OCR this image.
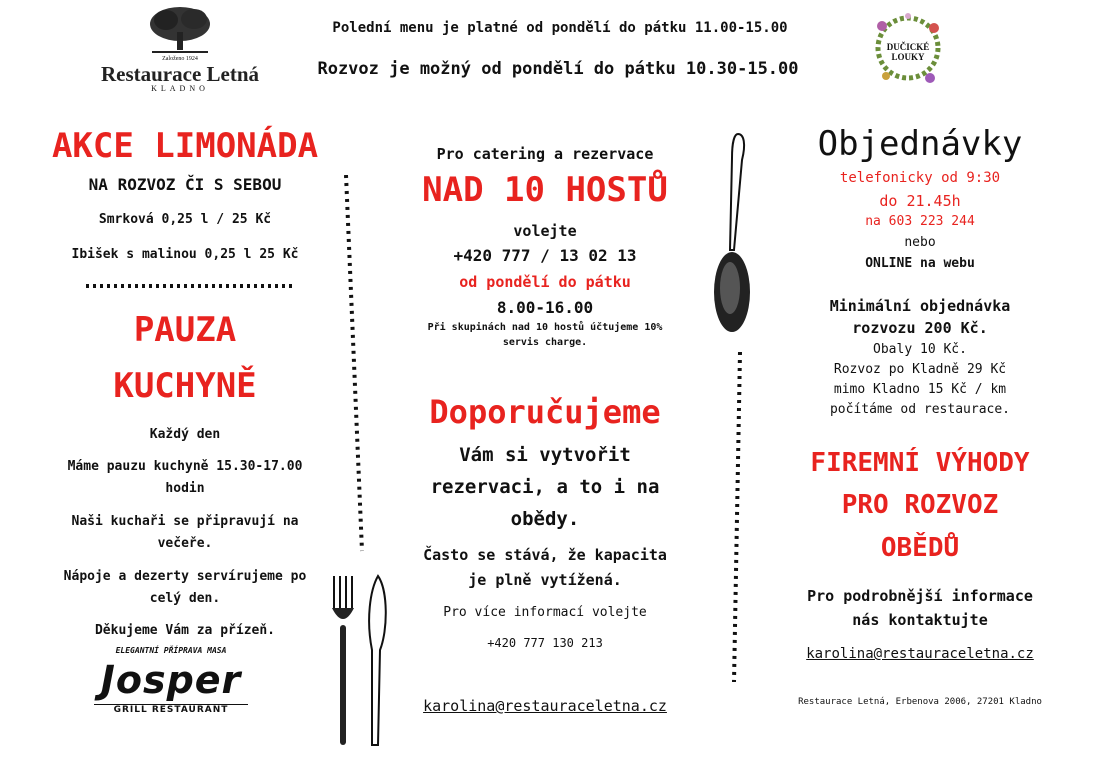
Založeno 1924
Restaurace Letná
KLADNO
Polední menu je platné od pondělí do pátku 11.00-15.00
Rozvoz je možný od pondělí do pátku 10.30-15.00
DUČICKÉ LOUKY
AKCE LIMONÁDA
NA ROZVOZ ČI S SEBOU
Smrková 0,25 l / 25 Kč
Ibišek s malinou 0,25 l 25 Kč
PAUZA
KUCHYNĚ
Každý den
Máme pauzu kuchyně 15.30-17.00
hodin
Naši kuchaři se připravují na
večeře.
Nápoje a dezerty servírujeme po
celý den.
Děkujeme Vám za přízeň.
ELEGANTNÍ PŘÍPRAVA MASA
Josper
GRILL RESTAURANT
Pro catering a rezervace
NAD 10 HOSTŮ
volejte
+420 777 / 13 02 13
od pondělí do pátku
8.00-16.00
Při skupinách nad 10 hostů účtujeme 10%
servis charge.
Doporučujeme
Vám si vytvořit
rezervaci, a to i na
obědy.
Často se stává, že kapacita
je plně vytížená.
Pro více informací volejte
+420 777 130 213
karolina@restauraceletna.cz
Objednávky
telefonicky od 9:30
do 21.45h
na 603 223 244
nebo
ONLINE na webu
Minimální objednávka
rozvozu 200 Kč.
Obaly 10 Kč.
Rozvoz po Kladně 29 Kč
mimo Kladno 15 Kč / km
počítáme od restaurace.
FIREMNÍ VÝHODY
PRO ROZVOZ
OBĚDŮ
Pro podrobnější informace
nás kontaktujte
karolina@restauraceletna.cz
Restaurace Letná, Erbenova 2006, 27201 Kladno
